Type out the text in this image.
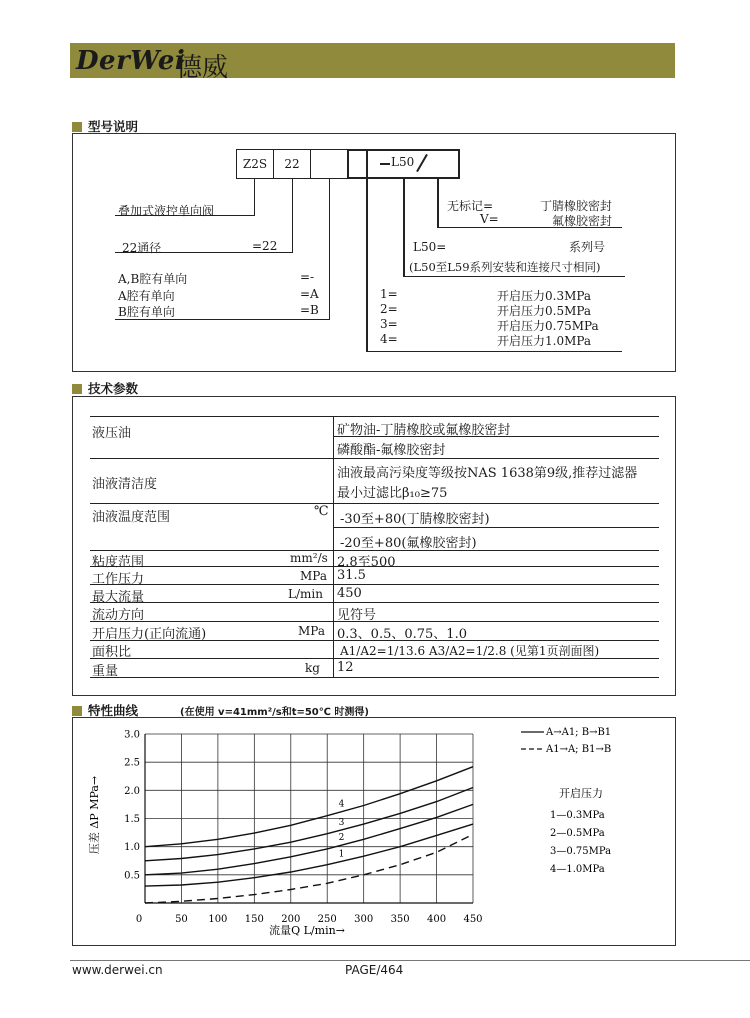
DerWei
德威
型号说明
Z2S	22	L50
叠加式液控单向阀
22通径	=22
A,B腔有单向	=-
A腔有单向	=A
B腔有单向	=B
无标记=	丁腈橡胶密封
V=	氟橡胶密封
L50=	系列号
(L50至L59系列安装和连接尺寸相同)
1=	开启压力0.3MPa
2=	开启压力0.5MPa
3=	开启压力0.75MPa
4=	开启压力1.0MPa
技术参数
液压油	矿物油-丁腈橡胶或氟橡胶密封
磷酸酯-氟橡胶密封
油液清洁度
油液最高污染度等级按NAS 1638第9级,推荐过滤器
最小过滤比β₁₀≥75
油液温度范围	℃
-30至+80(丁腈橡胶密封)
-20至+80(氟橡胶密封)
粘度范围	mm²/s 2.8至500
工作压力	MPa 31.5
最大流量	L/min 450
流动方向	见符号
开启压力(正向流通)	MPa 0.3、0.5、0.75、1.0
面积比	A1/A2=1/13.6 A3/A2=1/2.8 (见第1页剖面图)
重量	kg 12
特性曲线	(在使用 v=41mm²/s和t=50℃ 时测得)
1
2
3
4
0	50 100 150 200 250 300 350 400 450
0.5
1.0
1.5
2.0
2.5
3.0
压差 ΔP MPa→
流量Q L/min→
A→A1; B→B1
A1→A; B1→B
开启压力
1—0.3MPa
2—0.5MPa
3—0.75MPa
4—1.0MPa
www.derwei.cn	PAGE/464
